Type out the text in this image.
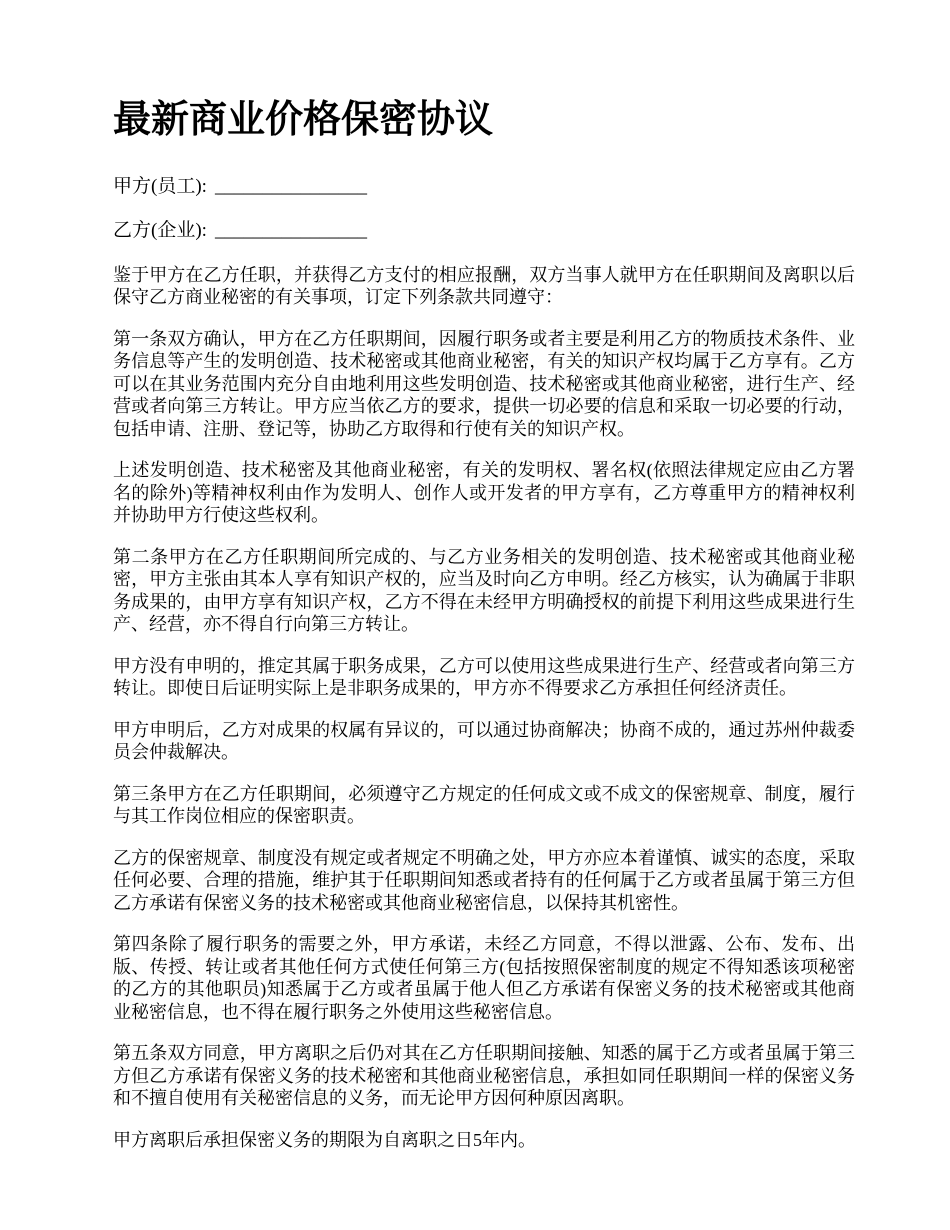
最新商业价格保密协议

甲方(员工): ________________

乙方(企业): ________________

鉴于甲方在乙方任职，并获得乙方支付的相应报酬，双方当事人就甲方在任职期间及离职以后保守乙方商业秘密的有关事项，订定下列条款共同遵守：

第一条双方确认，甲方在乙方任职期间，因履行职务或者主要是利用乙方的物质技术条件、业务信息等产生的发明创造、技术秘密或其他商业秘密，有关的知识产权均属于乙方享有。乙方可以在其业务范围内充分自由地利用这些发明创造、技术秘密或其他商业秘密，进行生产、经营或者向第三方转让。甲方应当依乙方的要求，提供一切必要的信息和采取一切必要的行动，包括申请、注册、登记等，协助乙方取得和行使有关的知识产权。

上述发明创造、技术秘密及其他商业秘密，有关的发明权、署名权(依照法律规定应由乙方署名的除外)等精神权利由作为发明人、创作人或开发者的甲方享有，乙方尊重甲方的精神权利并协助甲方行使这些权利。

第二条甲方在乙方任职期间所完成的、与乙方业务相关的发明创造、技术秘密或其他商业秘密，甲方主张由其本人享有知识产权的，应当及时向乙方申明。经乙方核实，认为确属于非职务成果的，由甲方享有知识产权，乙方不得在未经甲方明确授权的前提下利用这些成果进行生产、经营，亦不得自行向第三方转让。

甲方没有申明的，推定其属于职务成果，乙方可以使用这些成果进行生产、经营或者向第三方转让。即使日后证明实际上是非职务成果的，甲方亦不得要求乙方承担任何经济责任。

甲方申明后，乙方对成果的权属有异议的，可以通过协商解决；协商不成的，通过苏州仲裁委员会仲裁解决。

第三条甲方在乙方任职期间，必须遵守乙方规定的任何成文或不成文的保密规章、制度，履行与其工作岗位相应的保密职责。

乙方的保密规章、制度没有规定或者规定不明确之处，甲方亦应本着谨慎、诚实的态度，采取任何必要、合理的措施，维护其于任职期间知悉或者持有的任何属于乙方或者虽属于第三方但乙方承诺有保密义务的技术秘密或其他商业秘密信息，以保持其机密性。

第四条除了履行职务的需要之外，甲方承诺，未经乙方同意，不得以泄露、公布、发布、出版、传授、转让或者其他任何方式使任何第三方(包括按照保密制度的规定不得知悉该项秘密的乙方的其他职员)知悉属于乙方或者虽属于他人但乙方承诺有保密义务的技术秘密或其他商业秘密信息，也不得在履行职务之外使用这些秘密信息。

第五条双方同意，甲方离职之后仍对其在乙方任职期间接触、知悉的属于乙方或者虽属于第三方但乙方承诺有保密义务的技术秘密和其他商业秘密信息，承担如同任职期间一样的保密义务和不擅自使用有关秘密信息的义务，而无论甲方因何种原因离职。

甲方离职后承担保密义务的期限为自离职之日5年内。
